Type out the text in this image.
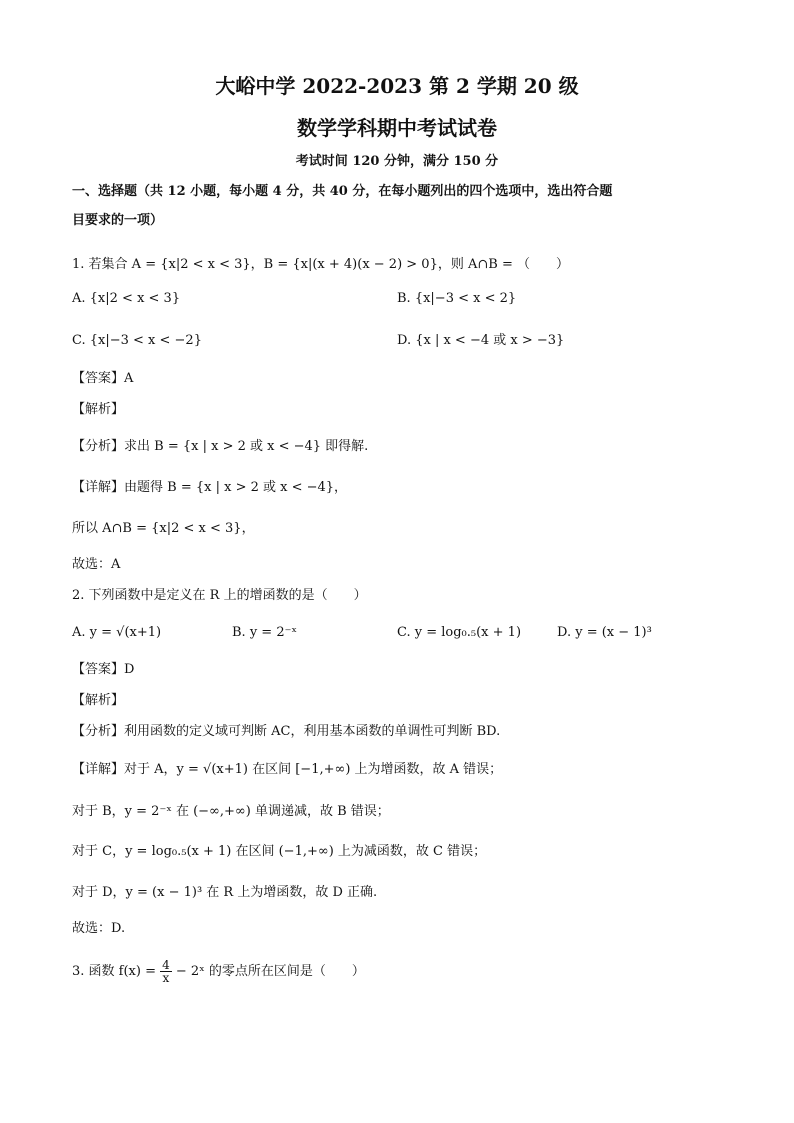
大峪中学 2022-2023 第 2 学期 20 级
数学学科期中考试试卷
考试时间 120 分钟，满分 150 分
一、选择题（共 12 小题，每小题 4 分，共 40 分，在每小题列出的四个选项中，选出符合题
目要求的一项）
1. 若集合 A = {x|2 < x < 3}，B = {x|(x + 4)(x − 2) > 0}，则 A∩B = （　　）
A. {x|2 < x < 3}	B. {x|−3 < x < 2}
C. {x|−3 < x < −2}	D. {x | x < −4 或 x > −3}
【答案】A
【解析】
【分析】求出 B = {x | x > 2 或 x < −4} 即得解.
【详解】由题得 B = {x | x > 2 或 x < −4}，
所以 A∩B = {x|2 < x < 3}，
故选：A
2. 下列函数中是定义在 R 上的增函数的是（　　）
A. y = √(x+1)	B. y = 2⁻ˣ	C. y = log₀.₅(x + 1)	D. y = (x − 1)³
【答案】D
【解析】
【分析】利用函数的定义域可判断 AC，利用基本函数的单调性可判断 BD.
【详解】对于 A，y = √(x+1) 在区间 [−1,+∞) 上为增函数，故 A 错误；
对于 B，y = 2⁻ˣ 在 (−∞,+∞) 单调递减，故 B 错误；
对于 C，y = log₀.₅(x + 1) 在区间 (−1,+∞) 上为减函数，故 C 错误；
对于 D，y = (x − 1)³ 在 R 上为增函数，故 D 正确.
故选：D.
3. 函数 $f(x) = \frac{4}{x}$ − 2ˣ 的零点所在区间是（　　）
